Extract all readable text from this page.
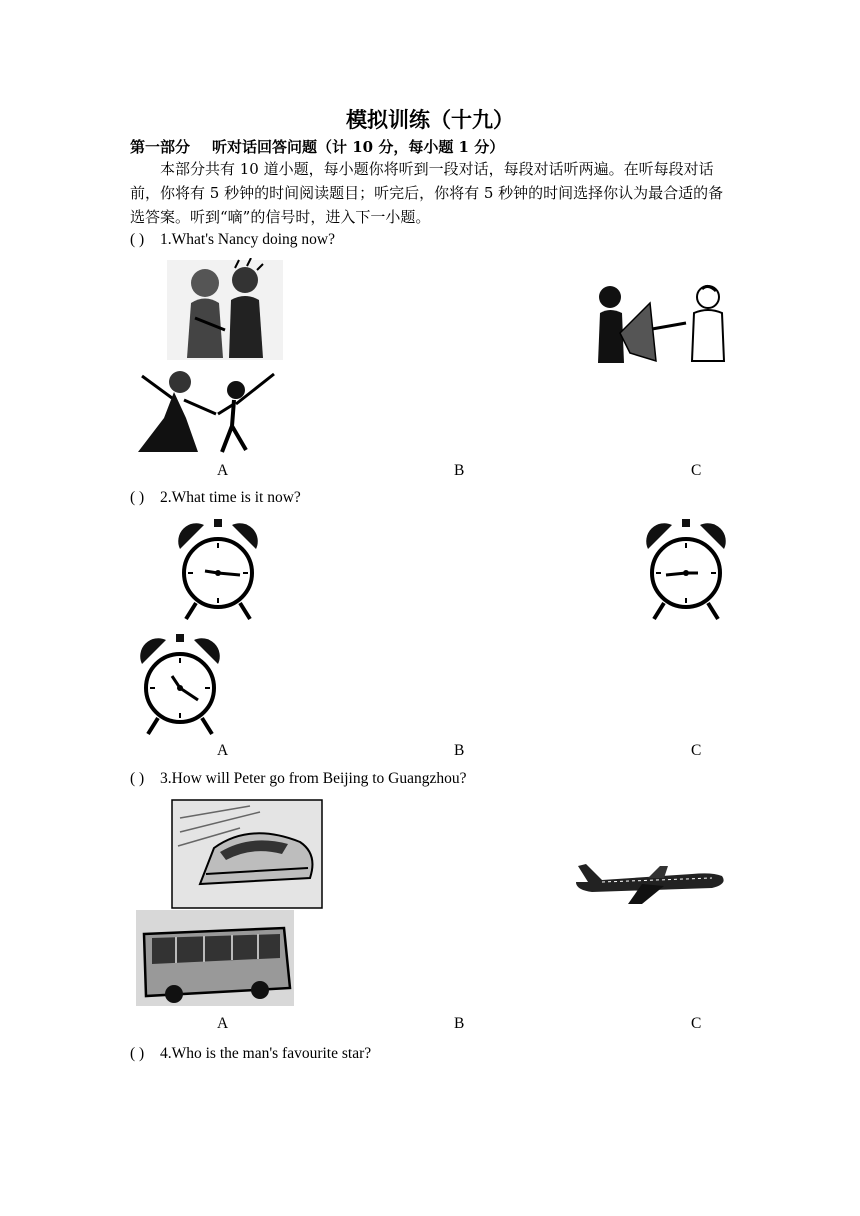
模拟训练（十九）
第一部分 听对话回答问题（计 10 分，每小题 1 分）

本部分共有 10 道小题，每小题你将听到一段对话，每段对话听两遍。在听每段对话前，你将有 5 秒钟的时间阅读题目；听完后，你将有 5 秒钟的时间选择你认为最合适的备选答案。听到“嘀”的信号时，进入下一小题。

( ) 1.What's Nancy doing now?
A	B	C
( ) 2.What time is it now?
A	B	C
( ) 3.How will Peter go from Beijing to Guangzhou?
A	B	C
( ) 4.Who is the man's favourite star?
